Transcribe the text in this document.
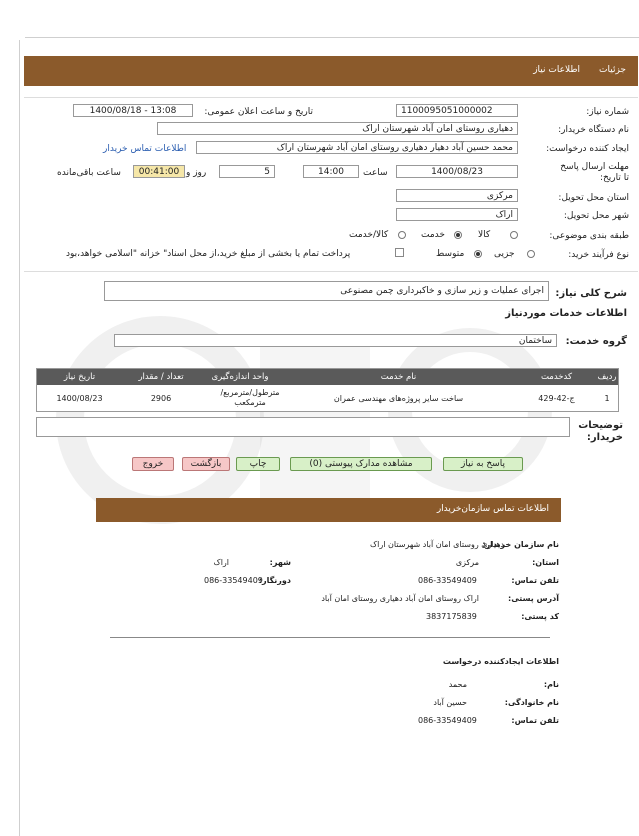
جزئیات
اطلاعات نیاز
شماره نیاز:
1100095051000002
تاریخ و ساعت اعلان عمومی:
1400/08/18 - 13:08
نام دستگاه خریدار:
دهیاری روستای امان آباد شهرستان اراک
ایجاد کننده درخواست:
محمد حسین آباد دهیار دهیاری روستای امان آباد شهرستان اراک
اطلاعات تماس خریدار
مهلت ارسال پاسخ تا تاریخ:
1400/08/23
ساعت
14:00
5
روز و
00:41:00
ساعت باقی‌مانده
استان محل تحویل:
مرکزی
شهر محل تحویل:
اراک
طبقه بندی موضوعی:
کالا
خدمت
کالا/خدمت
نوع فرآیند خرید:
جزیی
متوسط
پرداخت تمام یا بخشی از مبلغ خرید،از محل اسناد" خزانه "اسلامی خواهد،بود
شرح کلی نیاز:
اجرای عملیات و زیر سازی و خاکبرداری چمن مصنوعی
اطلاعات خدمات موردنیاز
گروه خدمت:
ساختمان
ردیف
کدخدمت
نام خدمت
واحد اندازه‌گیری
تعداد / مقدار
تاریخ نیاز
1
ج-42-429
ساخت سایر پروژه‌های مهندسی عمران
مترطول/مترمربع/مترمکعب
2906
1400/08/23
توضیحات خریدار:
پاسخ به نیاز
مشاهده مدارک پیوستی (0)
چاپ
بازگشت
خروج
اطلاعات تماس سازمان‌خریدار
نام سازمان خریدار:
دهیاری روستای امان آباد شهرستان اراک
استان:
مرکزی
شهر:
اراک
تلفن تماس:
086-33549409
دورنگار:
086-33549409
آدرس پستی:
اراک روستای امان آباد دهیاری روستای امان آباد
کد پستی:
3837175839
اطلاعات ایجادکننده درخواست
نام:
محمد
نام خانوادگی:
حسین آباد
تلفن تماس:
086-33549409
